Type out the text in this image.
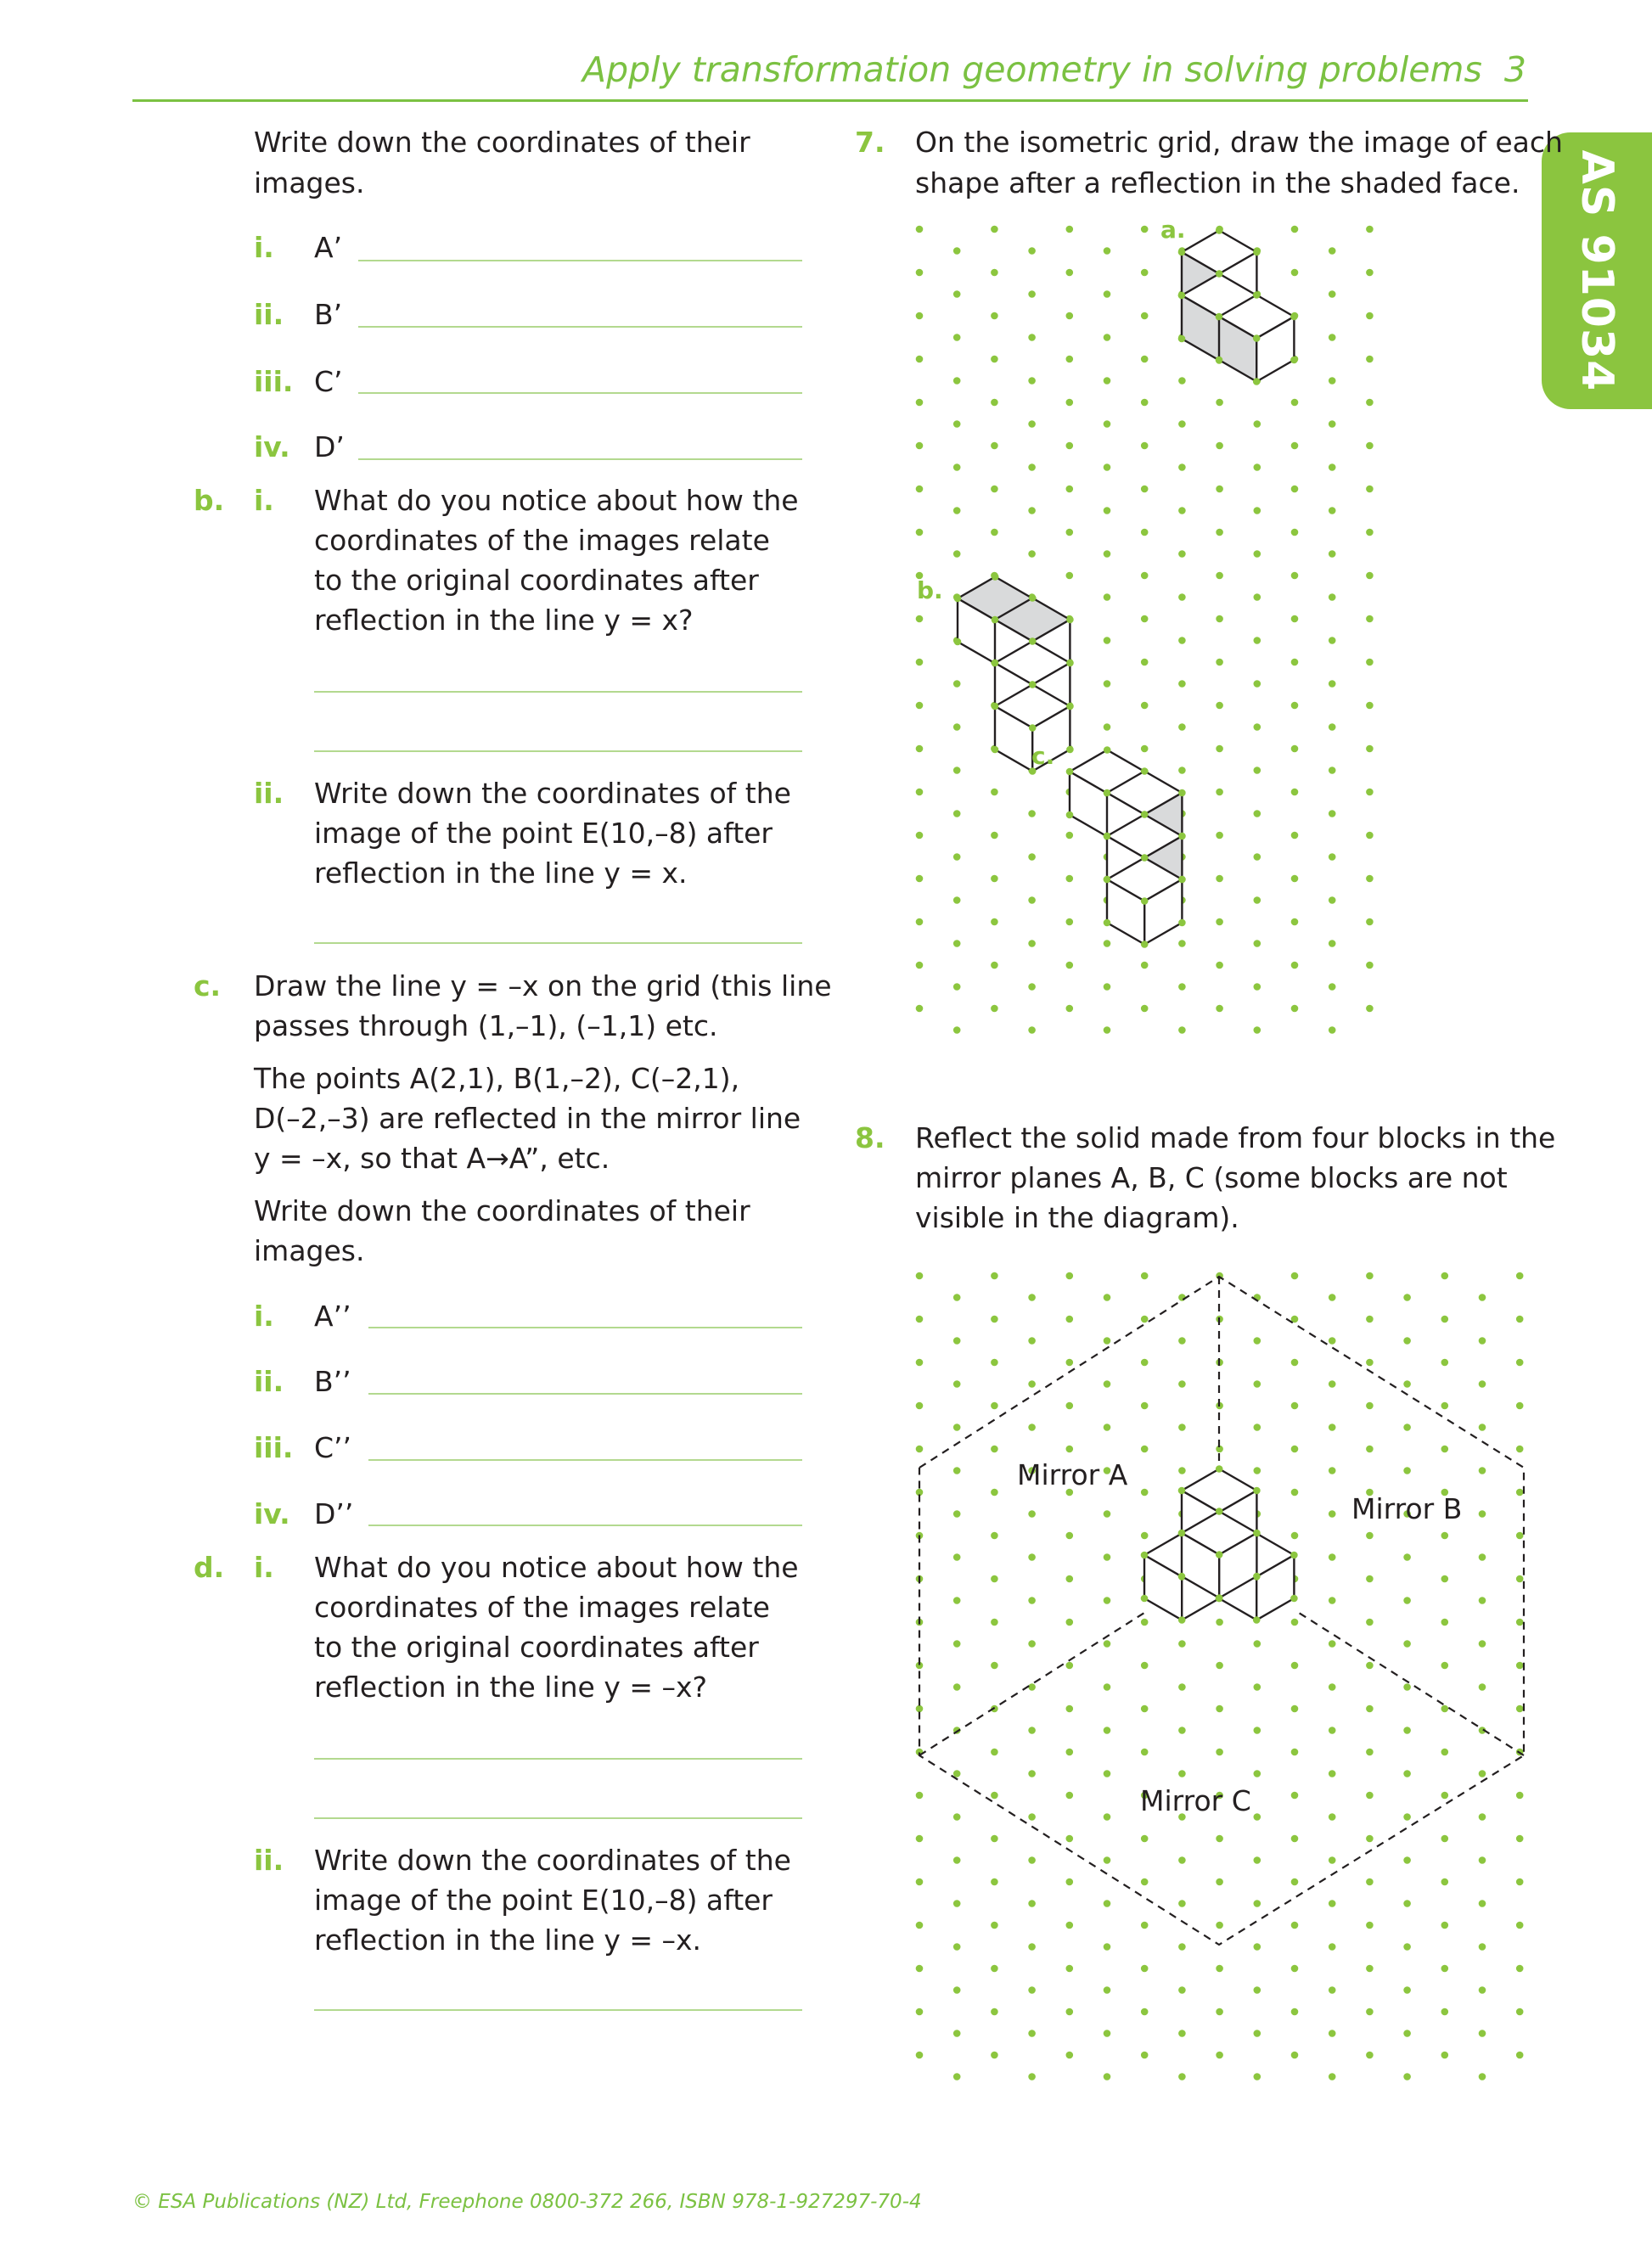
Apply transformation geometry in solving problems 3
AS 91034
Write down the coordinates of their
images.
i. A’
ii. B’
iii. C’
iv. D’
b. i. What do you notice about how the
coordinates of the images relate
to the original coordinates after
reflection in the line y = x?
ii. Write down the coordinates of the
image of the point E(10,–8) after
reflection in the line y = x.
c. Draw the line y = –x on the grid (this line
passes through (1,–1), (–1,1) etc.
The points A(2,1), B(1,–2), C(–2,1),
D(–2,–3) are reflected in the mirror line
y = –x, so that A→A”, etc.
Write down the coordinates of their
images.
i. A’’
ii. B’’
iii. C’’
iv. D’’
d. i. What do you notice about how the
coordinates of the images relate
to the original coordinates after
reflection in the line y = –x?
ii. Write down the coordinates of the
image of the point E(10,–8) after
reflection in the line y = –x.
7. On the isometric grid, draw the image of each
shape after a reflection in the shaded face.
a.
b.
c.
8. Reflect the solid made from four blocks in the
mirror planes A, B, C (some blocks are not
visible in the diagram).
Mirror A
Mirror B
Mirror C
© ESA Publications (NZ) Ltd, Freephone 0800-372 266, ISBN 978-1-927297-70-4
